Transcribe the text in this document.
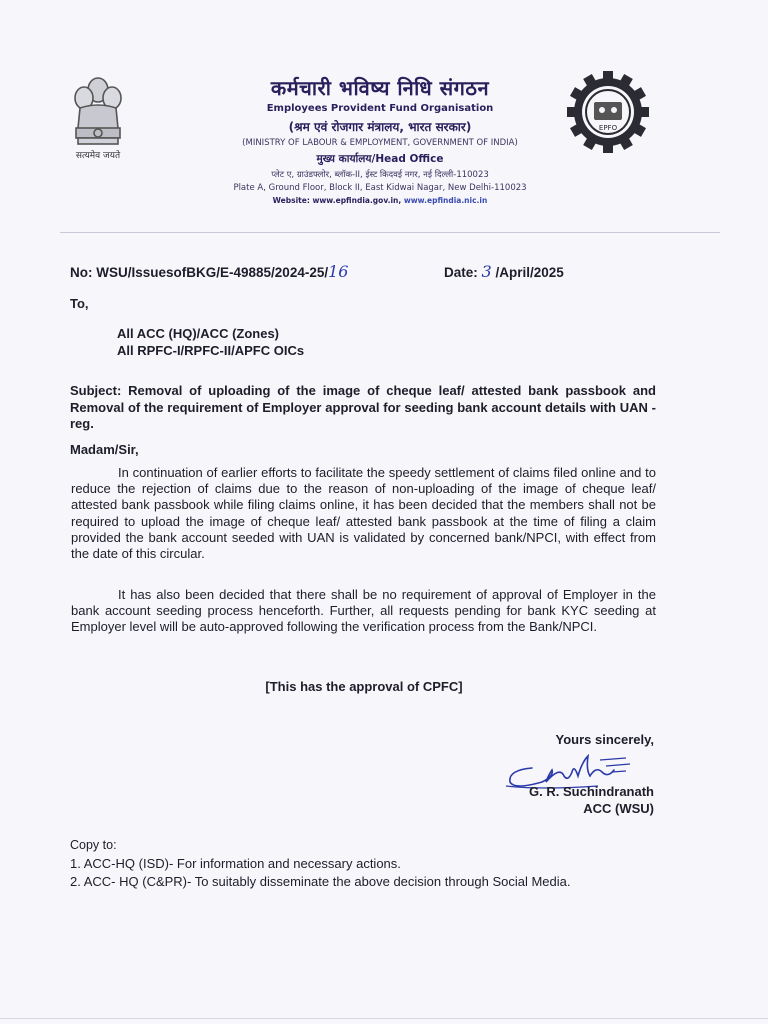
सत्यमेव जयते
कर्मचारी भविष्य निधि संगठन
Employees Provident Fund Organisation
(श्रम एवं रोजगार मंत्रालय, भारत सरकार)
(MINISTRY OF LABOUR & EMPLOYMENT, GOVERNMENT OF INDIA)
मुख्य कार्यालय/Head Office
प्लेट ए, ग्राउंडफ्लोर, ब्लॉक-II, ईस्ट किदवई नगर, नई दिल्ली-110023
Plate A, Ground Floor, Block II, East Kidwai Nagar, New Delhi-110023
Website: www.epfindia.gov.in, www.epfindia.nic.in
EPFO
No: WSU/IssuesofBKG/E-49885/2024-25/16	Date: 3 /April/2025
To,
All ACC (HQ)/ACC (Zones)
All RPFC-I/RPFC-II/APFC OICs
Subject: Removal of uploading of the image of cheque leaf/ attested bank passbook and Removal of the requirement of Employer approval for seeding bank account details with UAN -reg.
Madam/Sir,
In continuation of earlier efforts to facilitate the speedy settlement of claims filed online and to reduce the rejection of claims due to the reason of non-uploading of the image of cheque leaf/ attested bank passbook while filing claims online, it has been decided that the members shall not be required to upload the image of cheque leaf/ attested bank passbook at the time of filing a claim provided the bank account seeded with UAN is validated by concerned bank/NPCI, with effect from the date of this circular.
It has also been decided that there shall be no requirement of approval of Employer in the bank account seeding process henceforth. Further, all requests pending for bank KYC seeding at Employer level will be auto-approved following the verification process from the Bank/NPCI.
[This has the approval of CPFC]
Yours sincerely,
G. R. Suchindranath
ACC (WSU)
Copy to:
1. ACC-HQ (ISD)- For information and necessary actions.
2. ACC- HQ (C&PR)- To suitably disseminate the above decision through Social Media.
